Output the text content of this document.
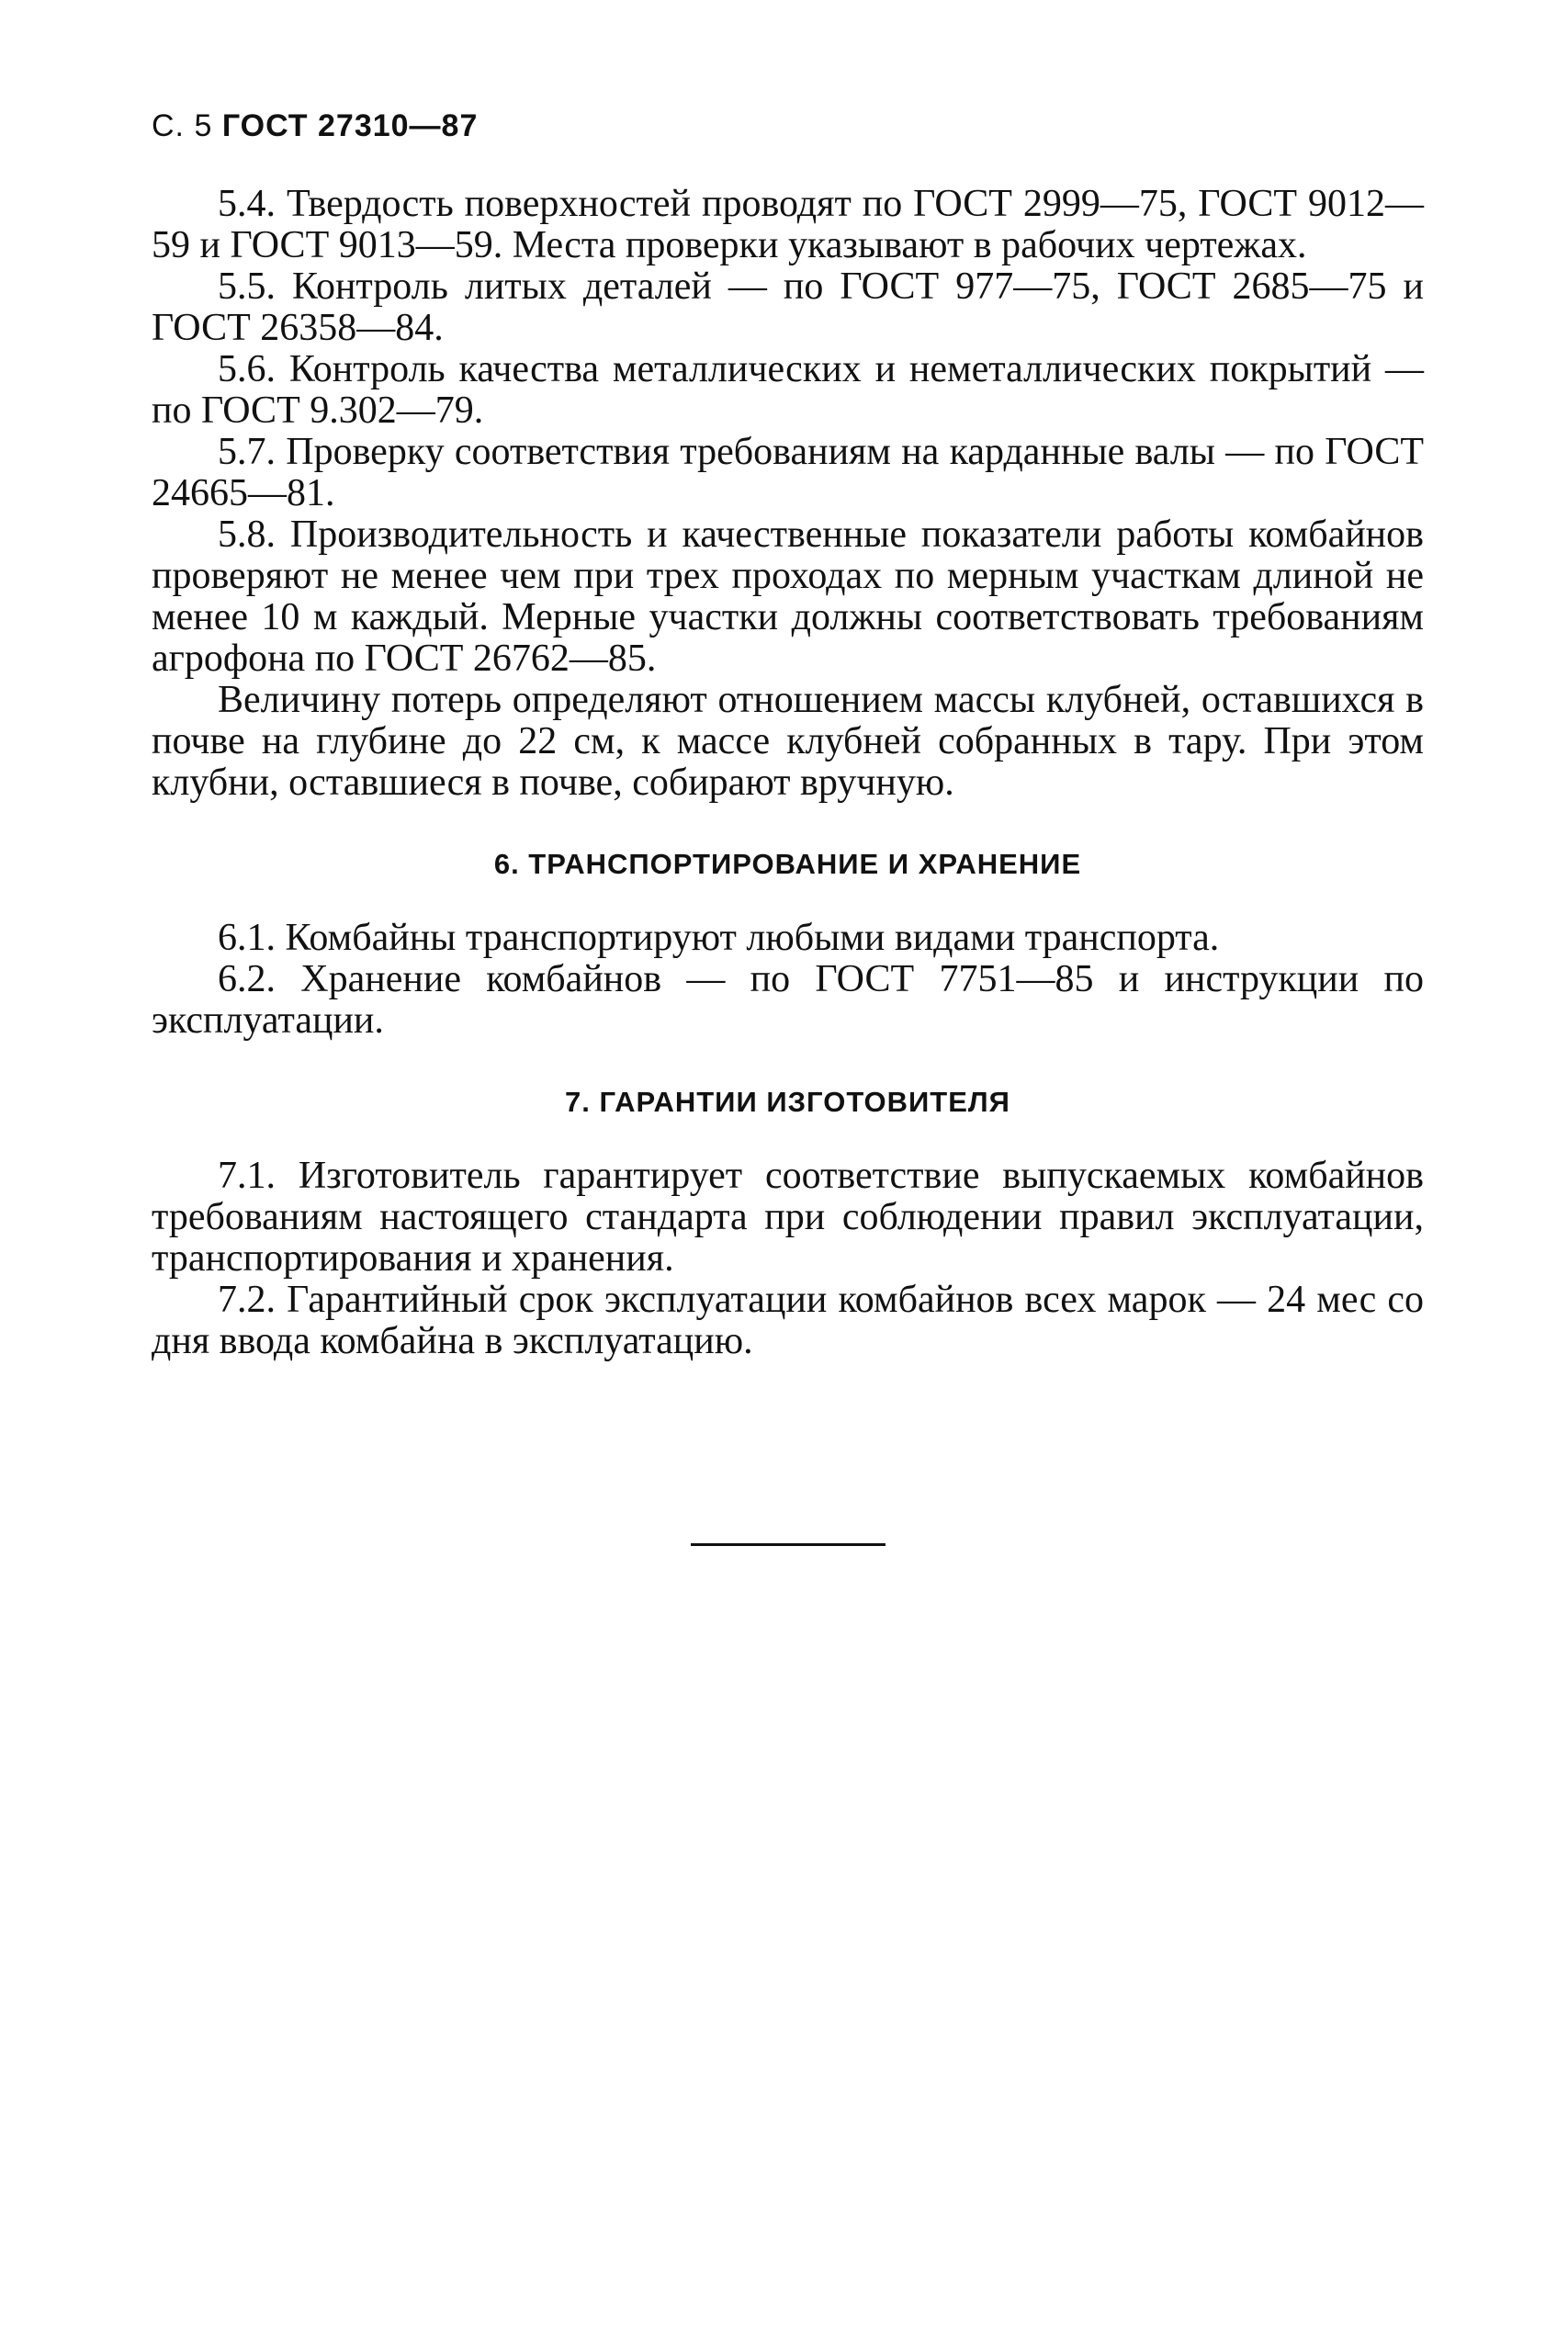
С. 5 ГОСТ 27310—87

5.4. Твердость поверхностей проводят по ГОСТ 2999—75, ГОСТ 9012—59 и ГОСТ 9013—59. Места проверки указывают в рабочих чертежах.

5.5. Контроль литых деталей — по ГОСТ 977—75, ГОСТ 2685—75 и ГОСТ 26358—84.

5.6. Контроль качества металлических и неметаллических покрытий — по ГОСТ 9.302—79.

5.7. Проверку соответствия требованиям на карданные валы — по ГОСТ 24665—81.

5.8. Производительность и качественные показатели работы комбайнов проверяют не менее чем при трех проходах по мерным участкам длиной не менее 10 м каждый. Мерные участки должны соответствовать требованиям агрофона по ГОСТ 26762—85.

Величину потерь определяют отношением массы клубней, оставшихся в почве на глубине до 22 см, к массе клубней собранных в тару. При этом клубни, оставшиеся в почве, собирают вручную.

6. ТРАНСПОРТИРОВАНИЕ И ХРАНЕНИЕ

6.1. Комбайны транспортируют любыми видами транспорта.

6.2. Хранение комбайнов — по ГОСТ 7751—85 и инструкции по эксплуатации.

7. ГАРАНТИИ ИЗГОТОВИТЕЛЯ

7.1. Изготовитель гарантирует соответствие выпускаемых комбайнов требованиям настоящего стандарта при соблюдении правил эксплуатации, транспортирования и хранения.

7.2. Гарантийный срок эксплуатации комбайнов всех марок — 24 мес со дня ввода комбайна в эксплуатацию.
